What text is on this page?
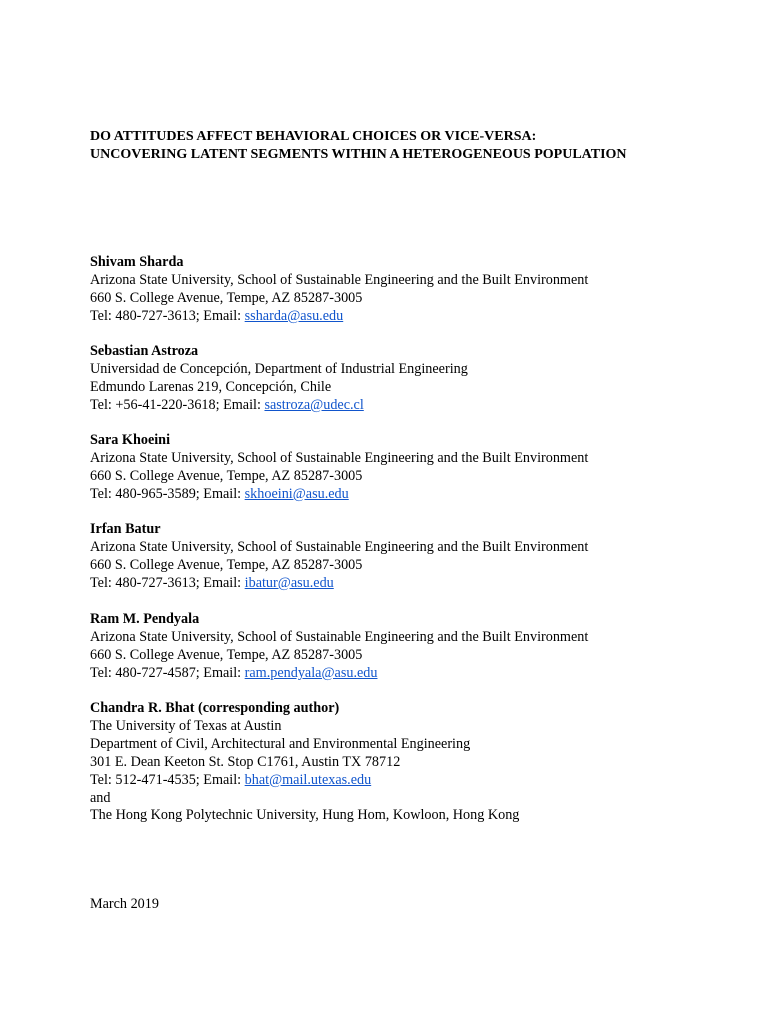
DO ATTITUDES AFFECT BEHAVIORAL CHOICES OR VICE-VERSA:
UNCOVERING LATENT SEGMENTS WITHIN A HETEROGENEOUS POPULATION
Shivam Sharda
Arizona State University, School of Sustainable Engineering and the Built Environment
660 S. College Avenue, Tempe, AZ 85287-3005
Tel: 480-727-3613; Email: ssharda@asu.edu
Sebastian Astroza
Universidad de Concepción, Department of Industrial Engineering
Edmundo Larenas 219, Concepción, Chile
Tel: +56-41-220-3618; Email: sastroza@udec.cl
Sara Khoeini
Arizona State University, School of Sustainable Engineering and the Built Environment
660 S. College Avenue, Tempe, AZ 85287-3005
Tel: 480-965-3589; Email: skhoeini@asu.edu
Irfan Batur
Arizona State University, School of Sustainable Engineering and the Built Environment
660 S. College Avenue, Tempe, AZ 85287-3005
Tel: 480-727-3613; Email: ibatur@asu.edu
Ram M. Pendyala
Arizona State University, School of Sustainable Engineering and the Built Environment
660 S. College Avenue, Tempe, AZ 85287-3005
Tel: 480-727-4587; Email: ram.pendyala@asu.edu
Chandra R. Bhat (corresponding author)
The University of Texas at Austin
Department of Civil, Architectural and Environmental Engineering
301 E. Dean Keeton St. Stop C1761, Austin TX 78712
Tel: 512-471-4535; Email: bhat@mail.utexas.edu
and
The Hong Kong Polytechnic University, Hung Hom, Kowloon, Hong Kong
March 2019
